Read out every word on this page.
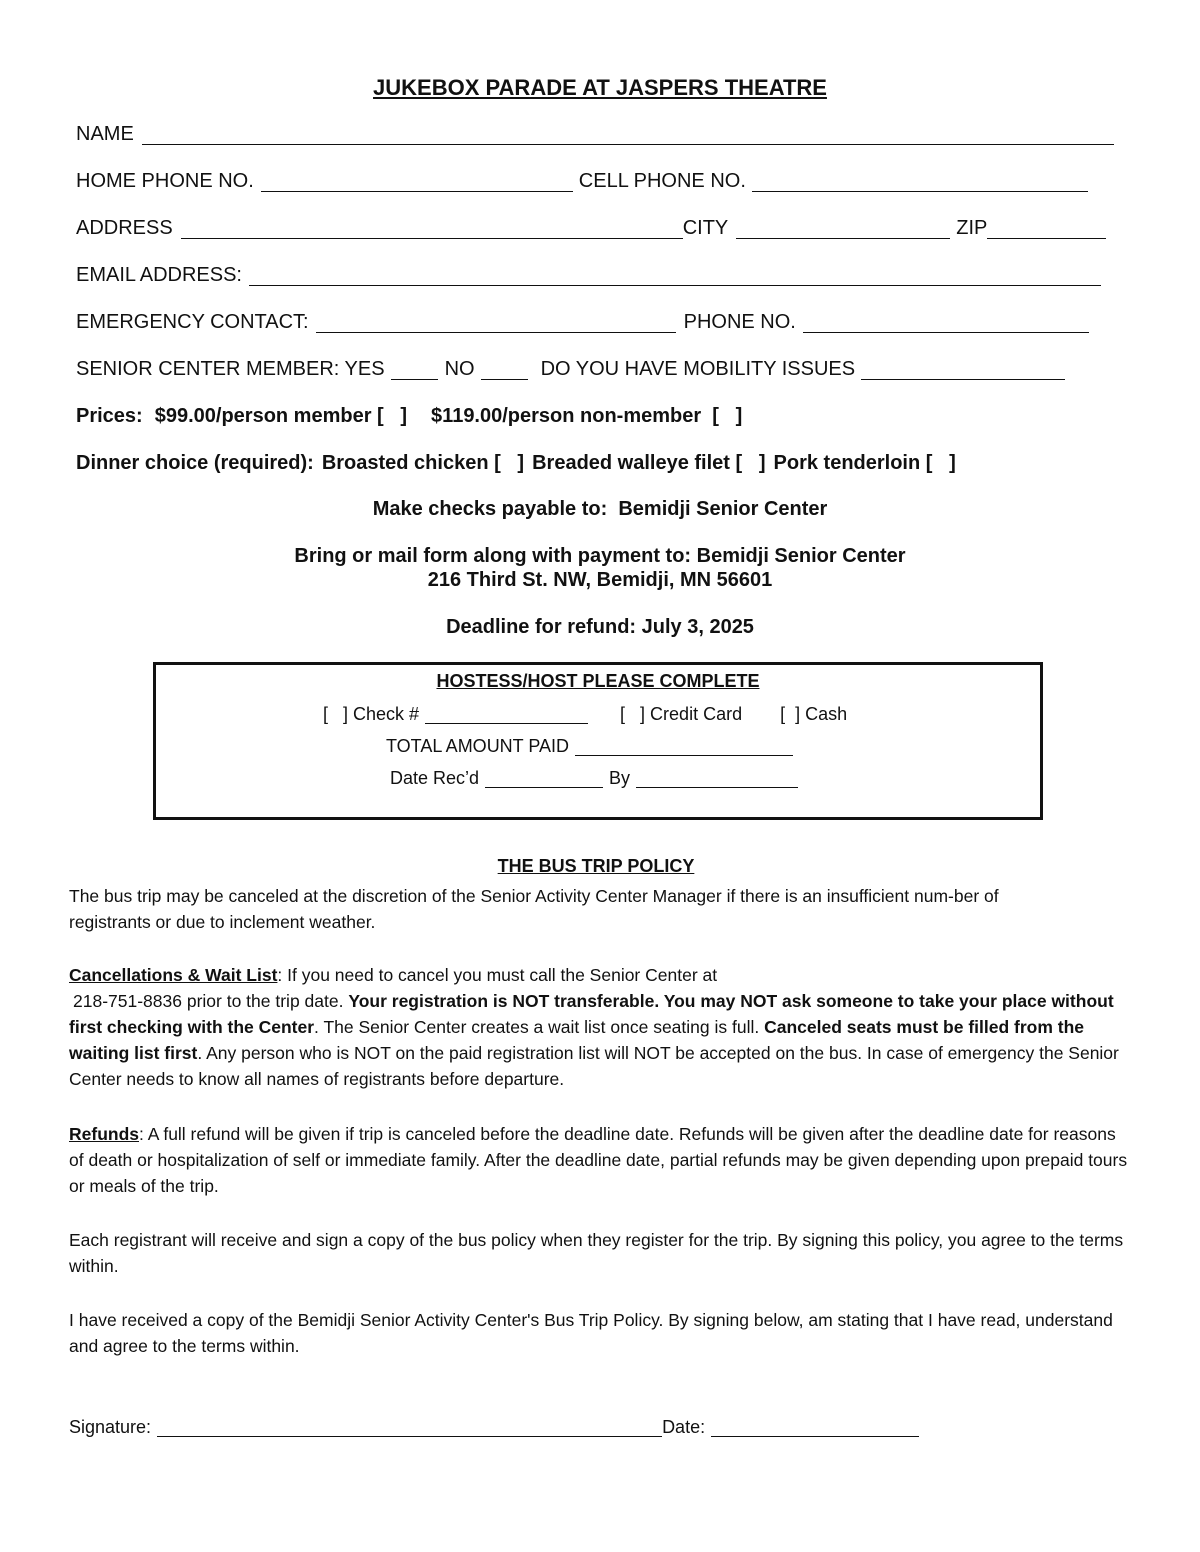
JUKEBOX PARADE AT JASPERS THEATRE
NAME
HOME PHONE NO.	CELL PHONE NO.
ADDRESS	CITY	ZIP
EMAIL ADDRESS:
EMERGENCY CONTACT:	PHONE NO.
SENIOR CENTER MEMBER: YES	NO	DO YOU HAVE MOBILITY ISSUES
Prices: $99.00/person member [   ] $119.00/person non-member  [   ]
Dinner choice (required): Broasted chicken [   ] Breaded walleye filet [   ] Pork tenderloin [   ]
Make checks payable to:  Bemidji Senior Center
Bring or mail form along with payment to: Bemidji Senior Center
216 Third St. NW, Bemidji, MN 56601
Deadline for refund: July 3, 2025
HOSTESS/HOST PLEASE COMPLETE
[   ] Check #	[   ] Credit Card [  ] Cash
TOTAL AMOUNT PAID
Date Rec’d	By
THE BUS TRIP POLICY
The bus trip may be canceled at the discretion of the Senior Activity Center Manager if there is an insufficient num-ber of registrants or due to inclement weather.
Cancellations & Wait List: If you need to cancel you must call the Senior Center at
218-751-8836 prior to the trip date. Your registration is NOT transferable. You may NOT ask someone to take your place without first checking with the Center. The Senior Center creates a wait list once seating is full. Canceled seats must be filled from the waiting list first. Any person who is NOT on the paid registration list will NOT be accepted on the bus. In case of emergency the Senior Center needs to know all names of registrants before departure.
Refunds: A full refund will be given if trip is canceled before the deadline date. Refunds will be given after the deadline date for reasons of death or hospitalization of self or immediate family. After the deadline date, partial refunds may be given depending upon prepaid tours or meals of the trip.
Each registrant will receive and sign a copy of the bus policy when they register for the trip. By signing this policy, you agree to the terms within.
I have received a copy of the Bemidji Senior Activity Center's Bus Trip Policy. By signing below, am stating that I have read, understand and agree to the terms within.
Signature:	Date:
